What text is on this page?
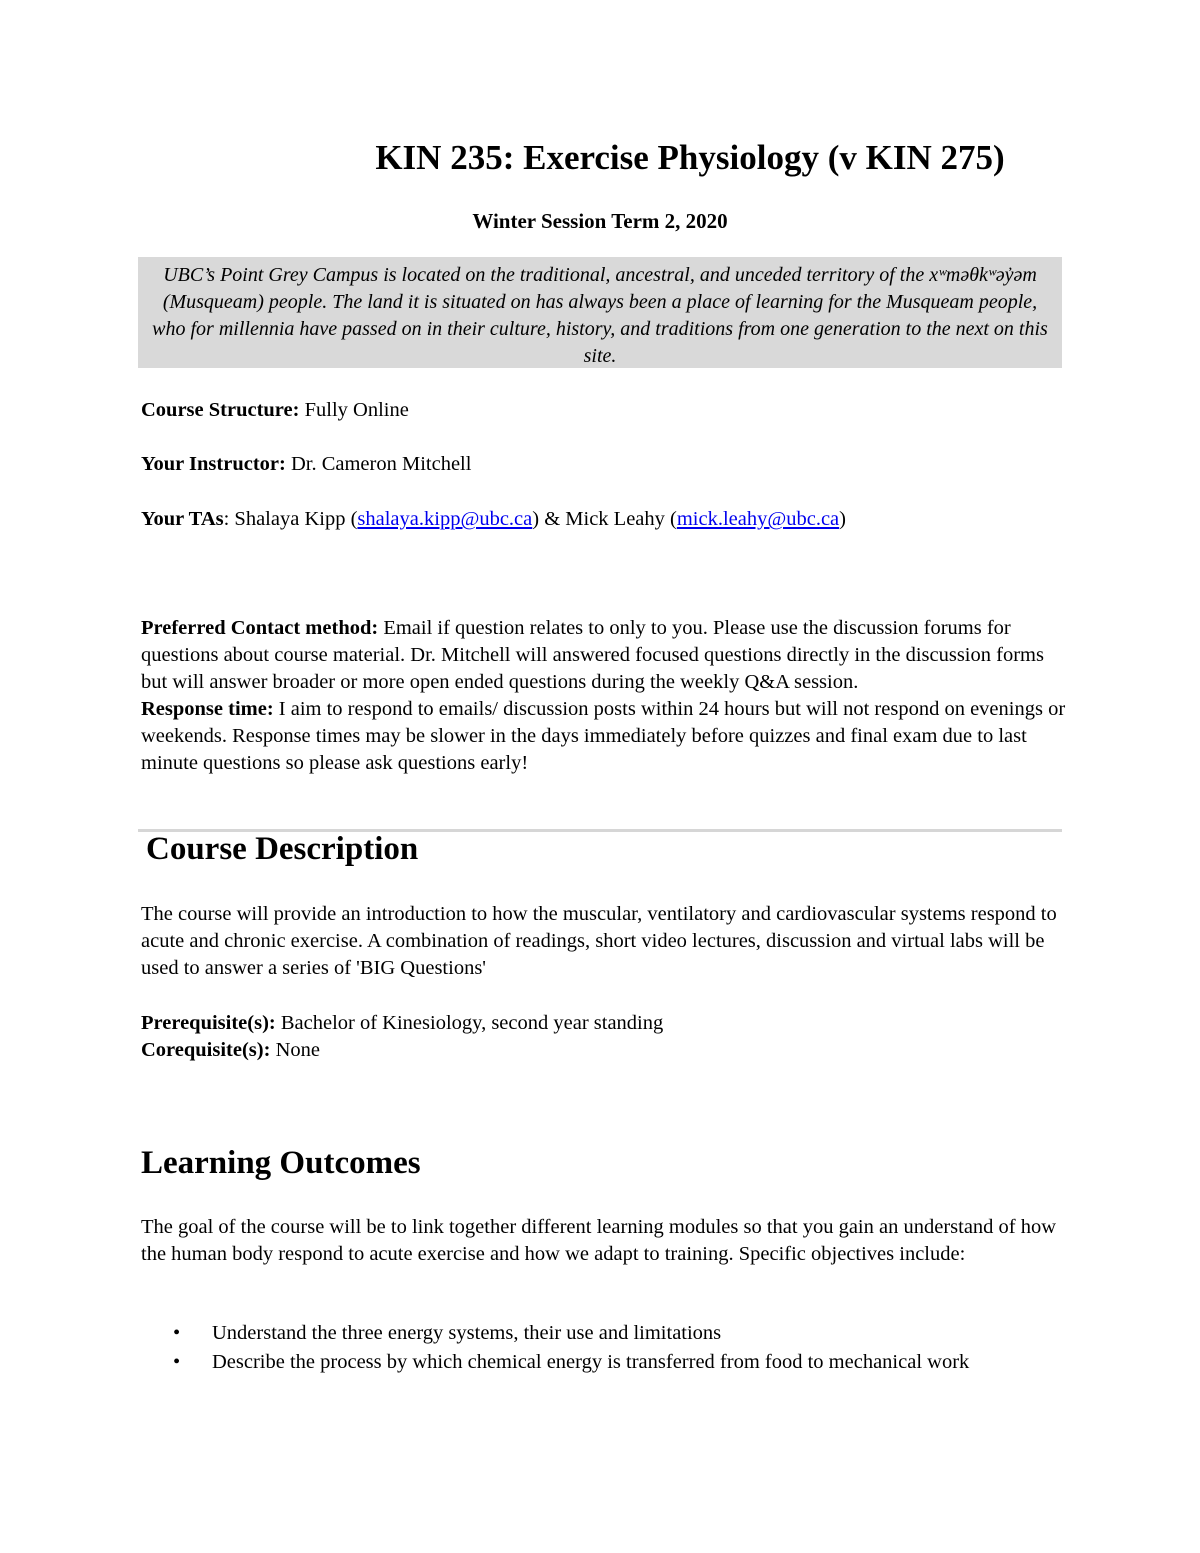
KIN 235: Exercise Physiology (v KIN 275)
Winter Session Term 2, 2020
UBC’s Point Grey Campus is located on the traditional, ancestral, and unceded territory of the xʷməθkʷəy̓əm (Musqueam) people. The land it is situated on has always been a place of learning for the Musqueam people, who for millennia have passed on in their culture, history, and traditions from one generation to the next on this site.
Course Structure: Fully Online
Your Instructor: Dr. Cameron Mitchell
Your TAs: Shalaya Kipp (shalaya.kipp@ubc.ca) & Mick Leahy (mick.leahy@ubc.ca)
Preferred Contact method: Email if question relates to only to you. Please use the discussion forums for questions about course material. Dr. Mitchell will answered focused questions directly in the discussion forms but will answer broader or more open ended questions during the weekly Q&A session.
Response time: I aim to respond to emails/ discussion posts within 24 hours but will not respond on evenings or weekends. Response times may be slower in the days immediately before quizzes and final exam due to last minute questions so please ask questions early!
Course Description
The course will provide an introduction to how the muscular, ventilatory and cardiovascular systems respond to acute and chronic exercise. A combination of readings, short video lectures, discussion and virtual labs will be used to answer a series of 'BIG Questions'
Prerequisite(s): Bachelor of Kinesiology, second year standing
Corequisite(s): None
Learning Outcomes
The goal of the course will be to link together different learning modules so that you gain an understand of how the human body respond to acute exercise and how we adapt to training. Specific objectives include:
• Understand the three energy systems, their use and limitations
• Describe the process by which chemical energy is transferred from food to mechanical work
